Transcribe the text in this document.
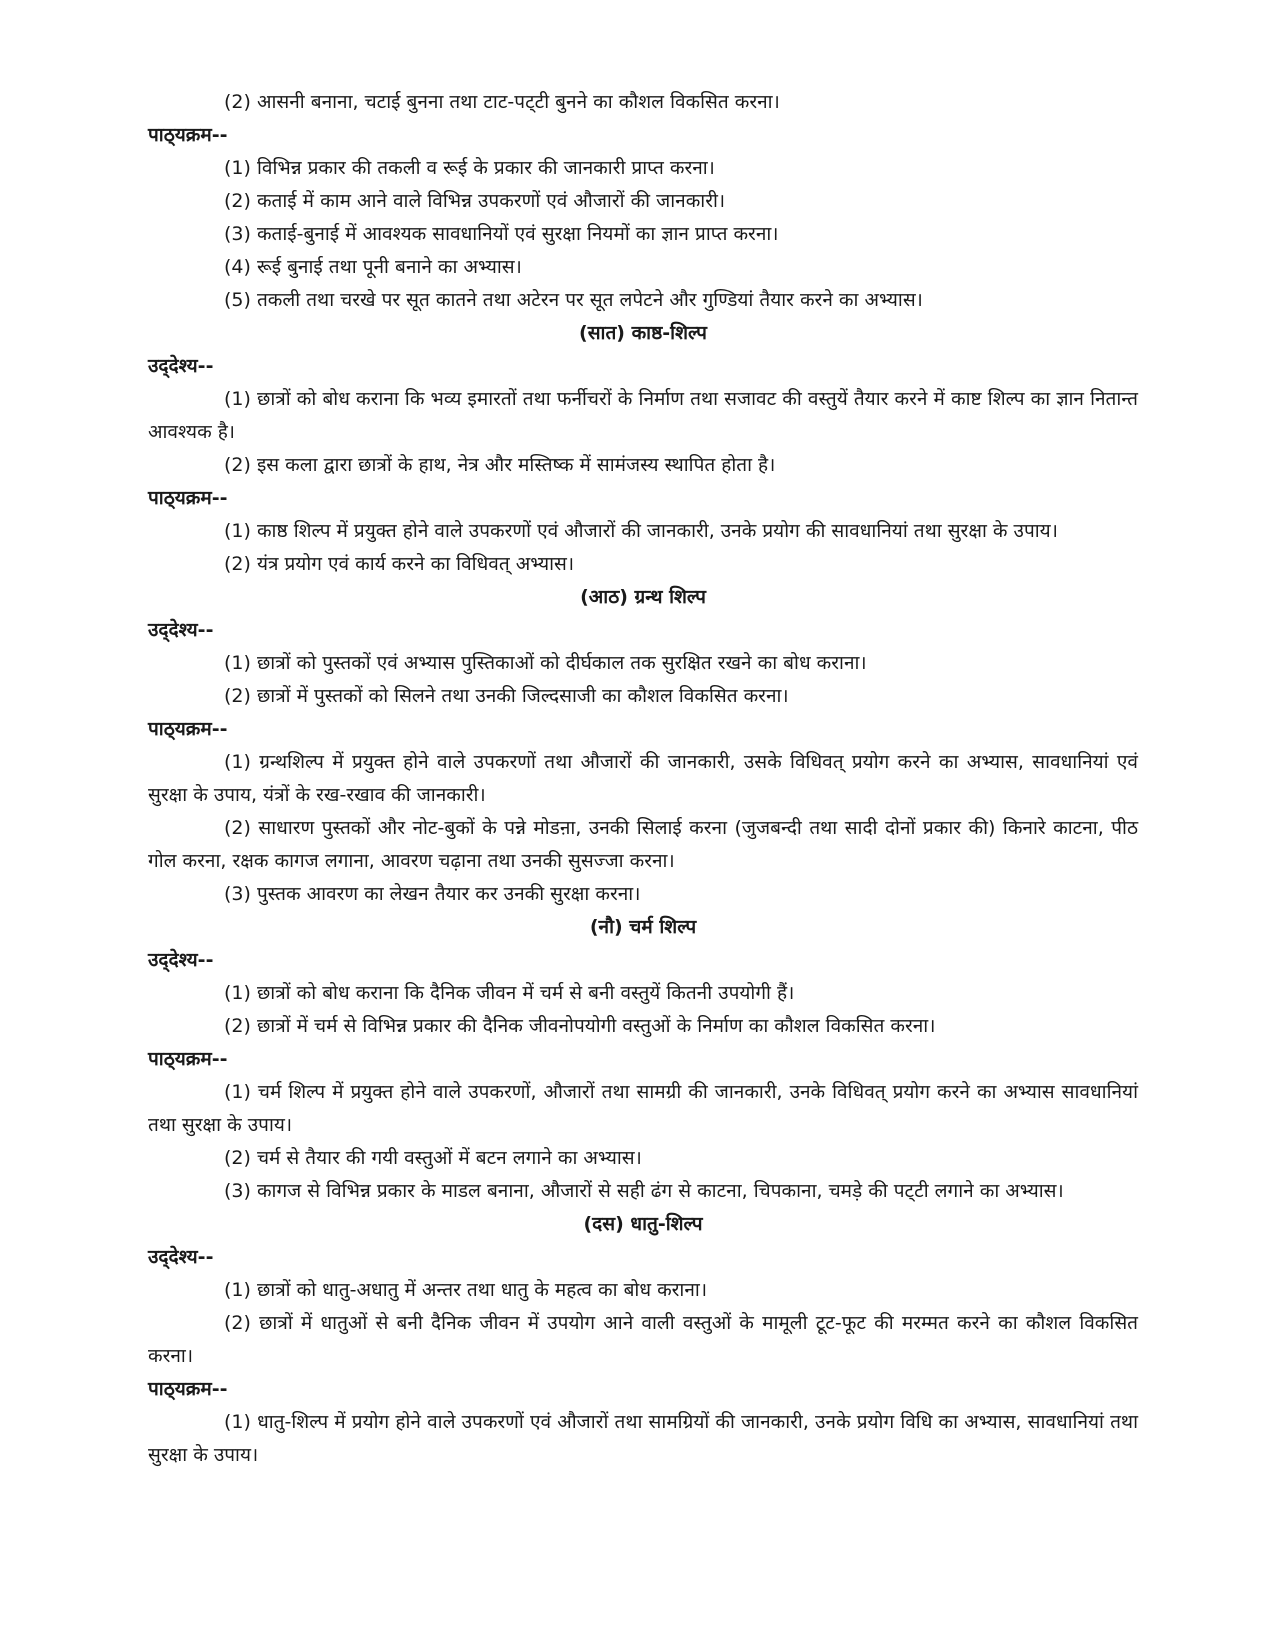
(2) आसनी बनाना, चटाई बुनना तथा टाट-पट्‌टी बुनने का कौशल विकसित करना।

पाठ्‌यक्रम--

(1) विभिन्न प्रकार की तकली व रूई के प्रकार की जानकारी प्राप्त करना।

(2) कताई में काम आने वाले विभिन्न उपकरणों एवं औजारों की जानकारी।

(3) कताई-बुनाई में आवश्यक सावधानियों एवं सुरक्षा नियमों का ज्ञान प्राप्त करना।

(4) रूई बुनाई तथा पूनी बनाने का अभ्यास।

(5) तकली तथा चरखे पर सूत कातने तथा अटेरन पर सूत लपेटने और गुण्डियां तैयार करने का अभ्यास।

(सात) काष्ठ-शिल्प

उद्‌देश्य--

(1) छात्रों को बोध कराना कि भव्य इमारतों तथा फर्नीचरों के निर्माण तथा सजावट की वस्तुयें तैयार करने में काष्ट शिल्प का ज्ञान नितान्त आवश्यक है।

(2) इस कला द्वारा छात्रों के हाथ, नेत्र और मस्तिष्क में सामंजस्य स्थापित होता है।

पाठ्‌यक्रम--

(1) काष्ठ शिल्प में प्रयुक्त होने वाले उपकरणों एवं औजारों की जानकारी, उनके प्रयोग की सावधानियां तथा सुरक्षा के उपाय।

(2) यंत्र प्रयोग एवं कार्य करने का विधिवत्‌ अभ्यास।

(आठ) ग्रन्थ शिल्प

उद्‌देश्य--

(1) छात्रों को पुस्तकों एवं अभ्यास पुस्तिकाओं को दीर्घकाल तक सुरक्षित रखने का बोध कराना।

(2) छात्रों में पुस्तकों को सिलने तथा उनकी जिल्दसाजी का कौशल विकसित करना।

पाठ्‌यक्रम--

(1) ग्रन्थशिल्प में प्रयुक्त होने वाले उपकरणों तथा औजारों की जानकारी, उसके विधिवत्‌ प्रयोग करने का अभ्यास, सावधानियां एवं सुरक्षा के उपाय, यंत्रों के रख-रखाव की जानकारी।

(2) साधारण पुस्तकों और नोट-बुकों के पन्ने मोडऩा, उनकी सिलाई करना (जुजबन्दी तथा सादी दोनों प्रकार की) किनारे काटना, पीठ गोल करना, रक्षक कागज लगाना, आवरण चढ़ाना तथा उनकी सुसज्जा करना।

(3) पुस्तक आवरण का लेखन तैयार कर उनकी सुरक्षा करना।

(नौ) चर्म शिल्प

उद्‌देश्य--

(1) छात्रों को बोध कराना कि दैनिक जीवन में चर्म से बनी वस्तुयें कितनी उपयोगी हैं।

(2) छात्रों में चर्म से विभिन्न प्रकार की दैनिक जीवनोपयोगी वस्तुओं के निर्माण का कौशल विकसित करना।

पाठ्‌यक्रम--

(1) चर्म शिल्प में प्रयुक्त होने वाले उपकरणों, औजारों तथा सामग्री की जानकारी, उनके विधिवत्‌ प्रयोग करने का अभ्यास सावधानियां तथा सुरक्षा के उपाय।

(2) चर्म से तैयार की गयी वस्तुओं में बटन लगाने का अभ्यास।

(3) कागज से विभिन्न प्रकार के माडल बनाना, औजारों से सही ढंग से काटना, चिपकाना, चमड़े की पट्‌टी लगाने का अभ्यास।

(दस) धातु-शिल्प

उद्‌देश्य--

(1) छात्रों को धातु-अधातु में अन्तर तथा धातु के महत्व का बोध कराना।

(2) छात्रों में धातुओं से बनी दैनिक जीवन में उपयोग आने वाली वस्तुओं के मामूली टूट-फूट की मरम्मत करने का कौशल विकसित करना।

पाठ्‌यक्रम--

(1) धातु-शिल्प में प्रयोग होने वाले उपकरणों एवं औजारों तथा सामग्रियों की जानकारी, उनके प्रयोग विधि का अभ्यास, सावधानियां तथा सुरक्षा के उपाय।
